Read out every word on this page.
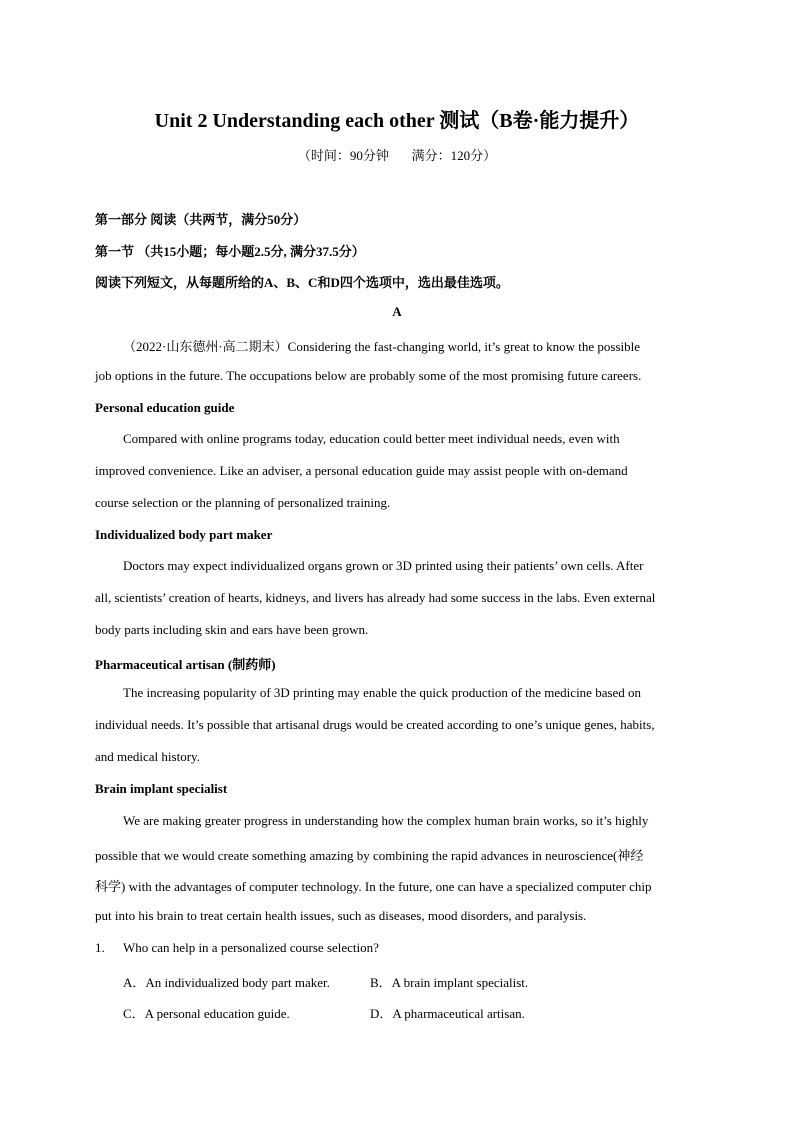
Unit 2 Understanding each other 测试（B卷·能力提升）
（时间：90分钟       满分：120分）
第一部分 阅读（共两节，满分50分）
第一节 （共15小题；每小题2.5分, 满分37.5分）
阅读下列短文，从每题所给的A、B、C和D四个选项中，选出最佳选项。
A
（2022·山东德州·高二期末）Considering the fast-changing world, it’s great to know the possible
job options in the future. The occupations below are probably some of the most promising future careers.
Personal education guide
Compared with online programs today, education could better meet individual needs, even with
improved convenience. Like an adviser, a personal education guide may assist people with on-demand
course selection or the planning of personalized training.
Individualized body part maker
Doctors may expect individualized organs grown or 3D printed using their patients’ own cells. After
all, scientists’ creation of hearts, kidneys, and livers has already had some success in the labs. Even external
body parts including skin and ears have been grown.
Pharmaceutical artisan (制药师)
The increasing popularity of 3D printing may enable the quick production of the medicine based on
individual needs. It’s possible that artisanal drugs would be created according to one’s unique genes, habits,
and medical history.
Brain implant specialist
We are making greater progress in understanding how the complex human brain works, so it’s highly
possible that we would create something amazing by combining the rapid advances in neuroscience(神经
科学) with the advantages of computer technology. In the future, one can have a specialized computer chip
put into his brain to treat certain health issues, such as diseases, mood disorders, and paralysis.
1. Who can help in a personalized course selection?
A．An individualized body part maker.	B．A brain implant specialist.
C．A personal education guide.	D．A pharmaceutical artisan.
